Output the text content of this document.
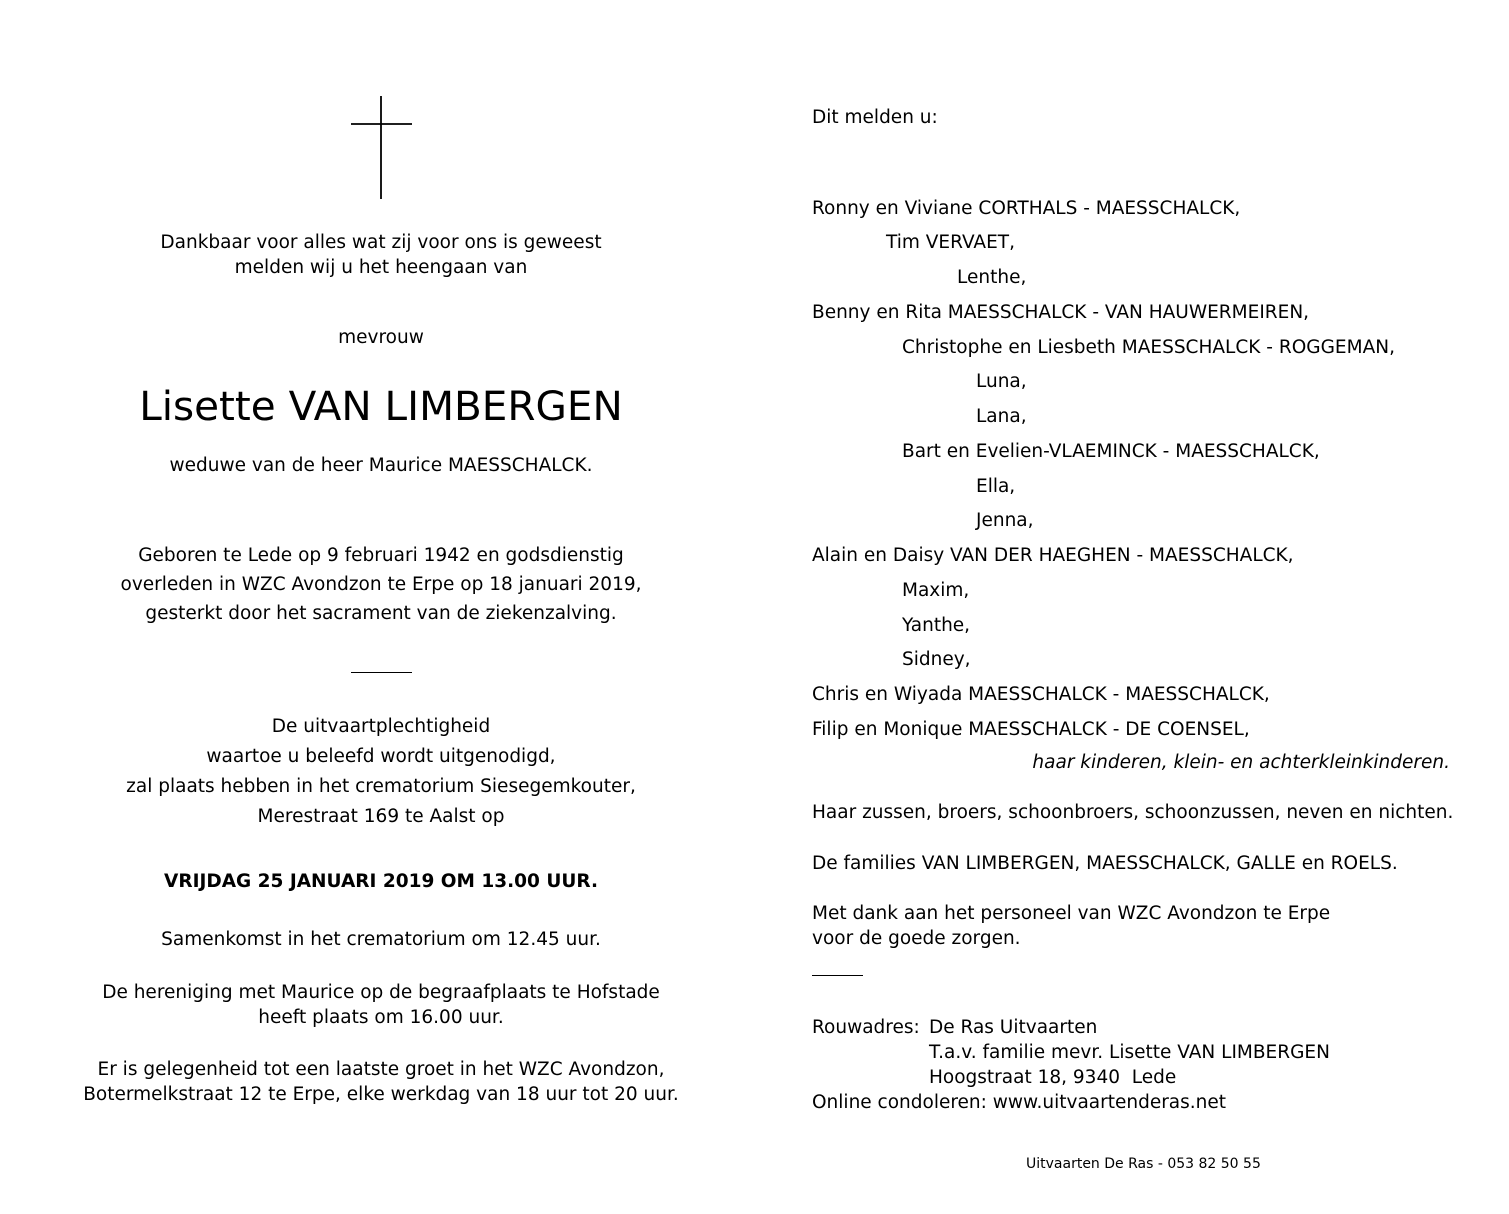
Dankbaar voor alles wat zij voor ons is geweest
melden wij u het heengaan van
mevrouw
Lisette VAN LIMBERGEN
weduwe van de heer Maurice MAESSCHALCK.
Geboren te Lede op 9 februari 1942 en godsdienstig
overleden in WZC Avondzon te Erpe op 18 januari 2019,
gesterkt door het sacrament van de ziekenzalving.
De uitvaartplechtigheid
waartoe u beleefd wordt uitgenodigd,
zal plaats hebben in het crematorium Siesegemkouter,
Merestraat 169 te Aalst op
VRIJDAG 25 JANUARI 2019 OM 13.00 UUR.
Samenkomst in het crematorium om 12.45 uur.
De hereniging met Maurice op de begraafplaats te Hofstade
heeft plaats om 16.00 uur.
Er is gelegenheid tot een laatste groet in het WZC Avondzon,
Botermelkstraat 12 te Erpe, elke werkdag van 18 uur tot 20 uur.
Dit melden u:
Ronny en Viviane CORTHALS - MAESSCHALCK,
Tim VERVAET,
Lenthe,
Benny en Rita MAESSCHALCK - VAN HAUWERMEIREN,
Christophe en Liesbeth MAESSCHALCK - ROGGEMAN,
Luna,
Lana,
Bart en Evelien-VLAEMINCK - MAESSCHALCK,
Ella,
Jenna,
Alain en Daisy VAN DER HAEGHEN - MAESSCHALCK,
Maxim,
Yanthe,
Sidney,
Chris en Wiyada MAESSCHALCK - MAESSCHALCK,
Filip en Monique MAESSCHALCK - DE COENSEL,
haar kinderen, klein- en achterkleinkinderen.
Haar zussen, broers, schoonbroers, schoonzussen, neven en nichten.
De families VAN LIMBERGEN, MAESSCHALCK, GALLE en ROELS.
Met dank aan het personeel van WZC Avondzon te Erpe
voor de goede zorgen.
Rouwadres: De Ras Uitvaarten
T.a.v. familie mevr. Lisette VAN LIMBERGEN
Hoogstraat 18, 9340  Lede
Online condoleren: www.uitvaartenderas.net
Uitvaarten De Ras - 053 82 50 55
